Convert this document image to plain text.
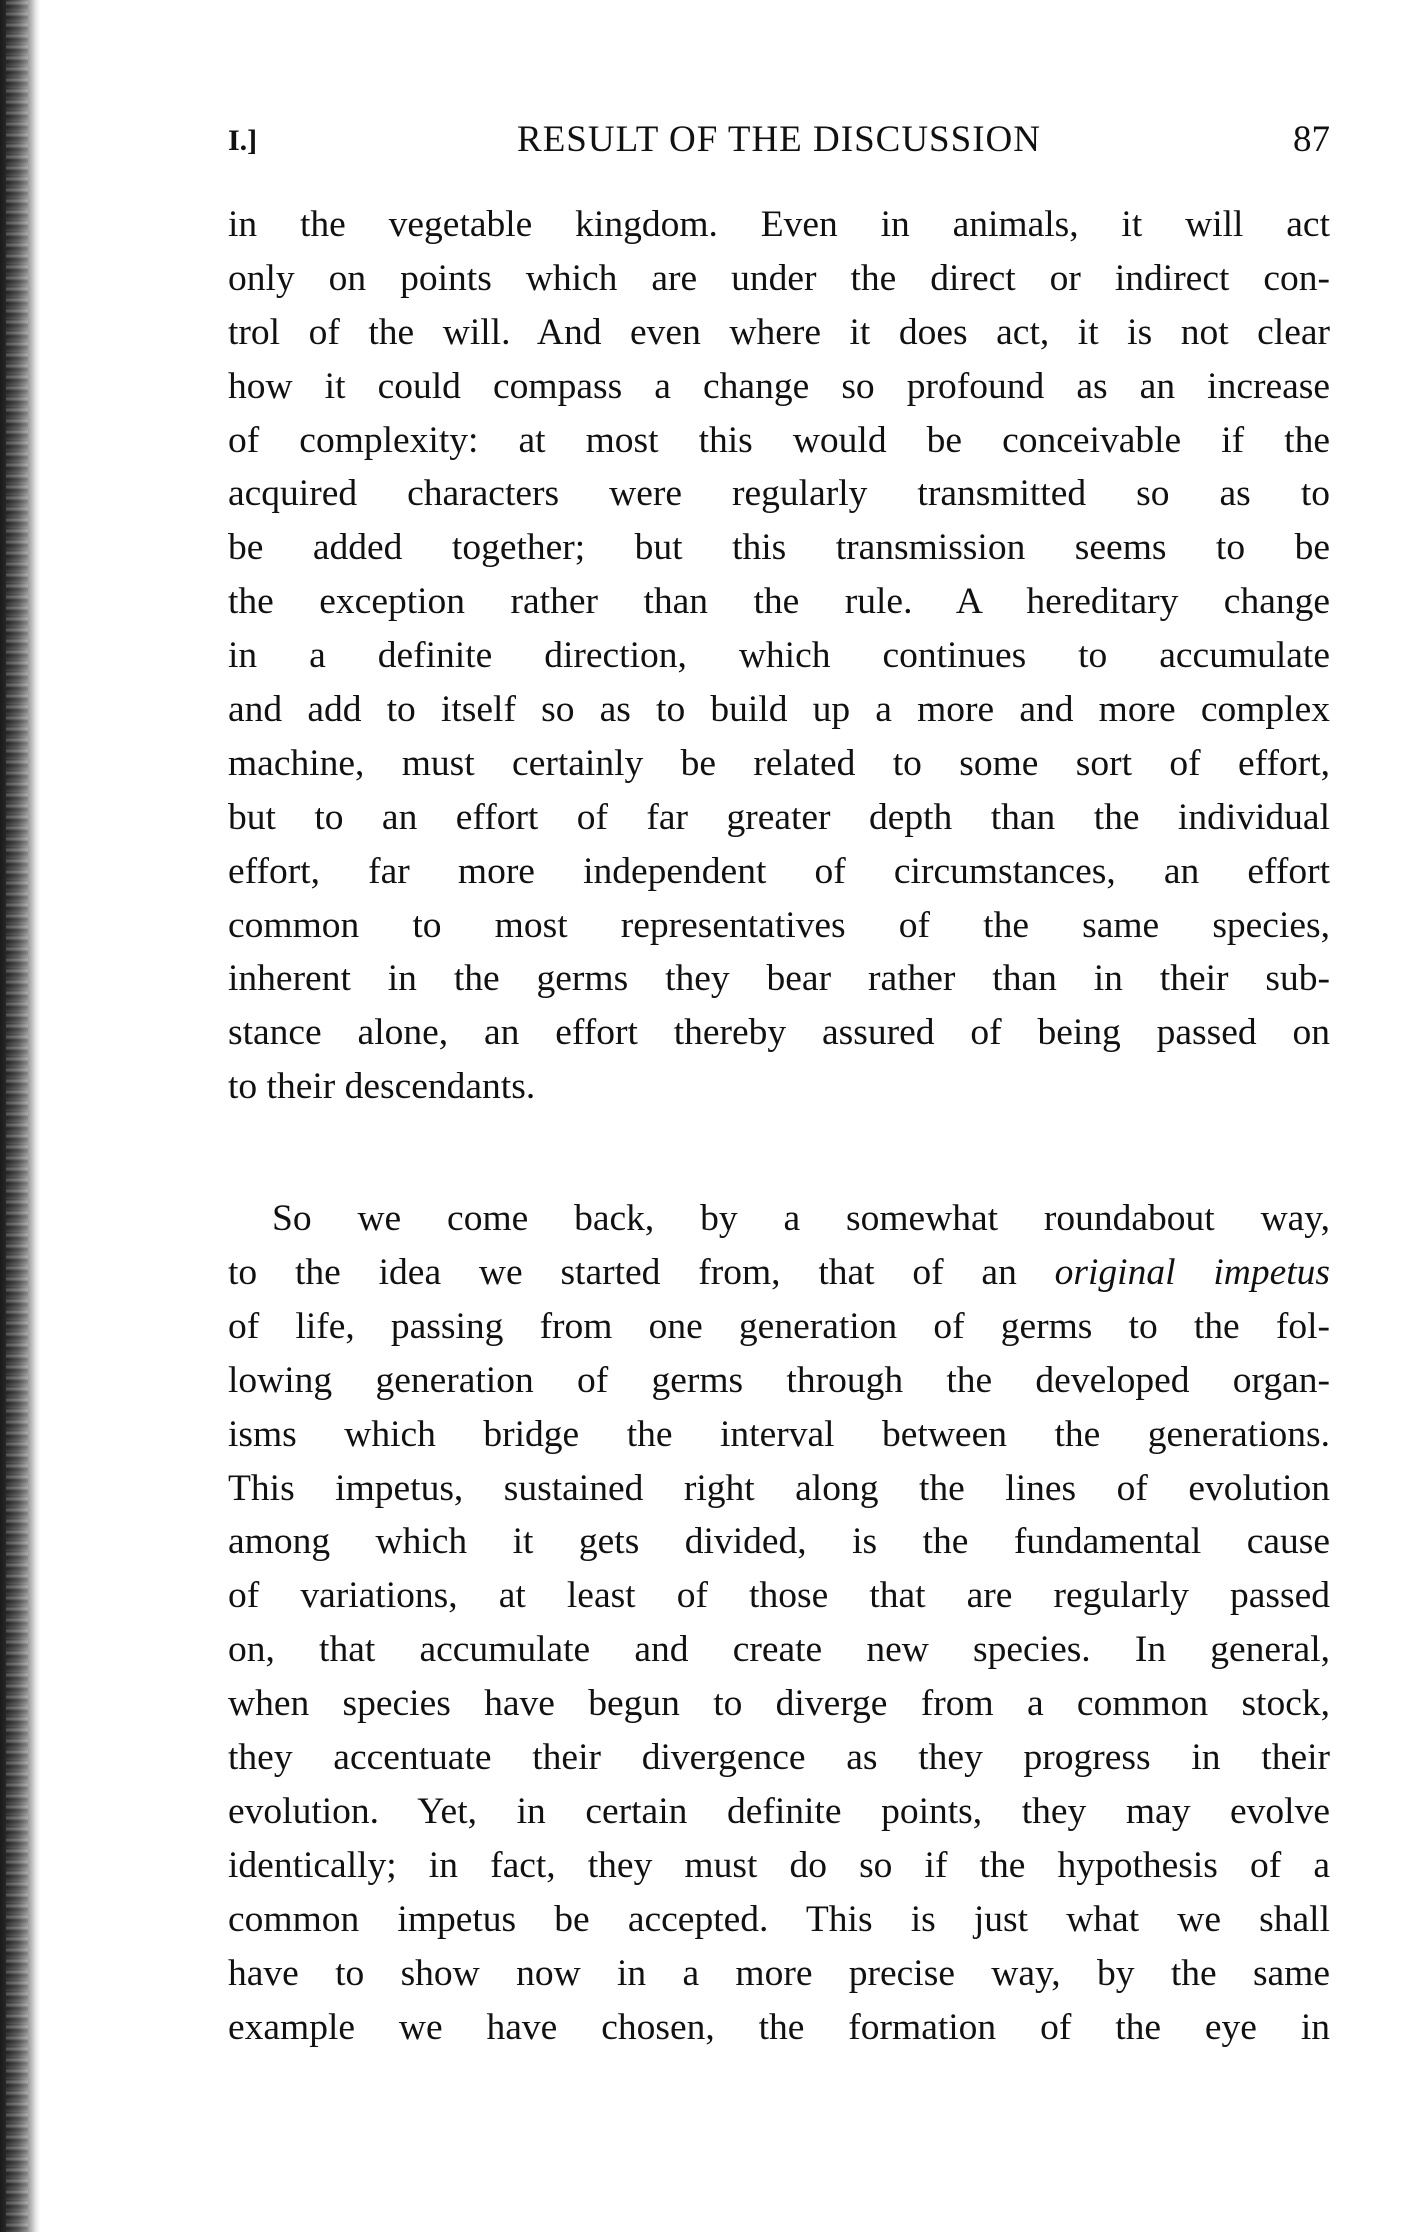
I.]	RESULT OF THE DISCUSSION	87
in the vegetable kingdom. Even in animals, it will act
only on points which are under the direct or indirect con-
trol of the will. And even where it does act, it is not clear
how it could compass a change so profound as an increase
of complexity: at most this would be conceivable if the
acquired characters were regularly transmitted so as to
be added together; but this transmission seems to be
the exception rather than the rule. A hereditary change
in a definite direction, which continues to accumulate
and add to itself so as to build up a more and more complex
machine, must certainly be related to some sort of effort,
but to an effort of far greater depth than the individual
effort, far more independent of circumstances, an effort
common to most representatives of the same species,
inherent in the germs they bear rather than in their sub-
stance alone, an effort thereby assured of being passed on
to their descendants.
So we come back, by a somewhat roundabout way,
to the idea we started from, that of an original impetus
of life, passing from one generation of germs to the fol-
lowing generation of germs through the developed organ-
isms which bridge the interval between the generations.
This impetus, sustained right along the lines of evolution
among which it gets divided, is the fundamental cause
of variations, at least of those that are regularly passed
on, that accumulate and create new species. In general,
when species have begun to diverge from a common stock,
they accentuate their divergence as they progress in their
evolution. Yet, in certain definite points, they may evolve
identically; in fact, they must do so if the hypothesis of a
common impetus be accepted. This is just what we shall
have to show now in a more precise way, by the same
example we have chosen, the formation of the eye in
